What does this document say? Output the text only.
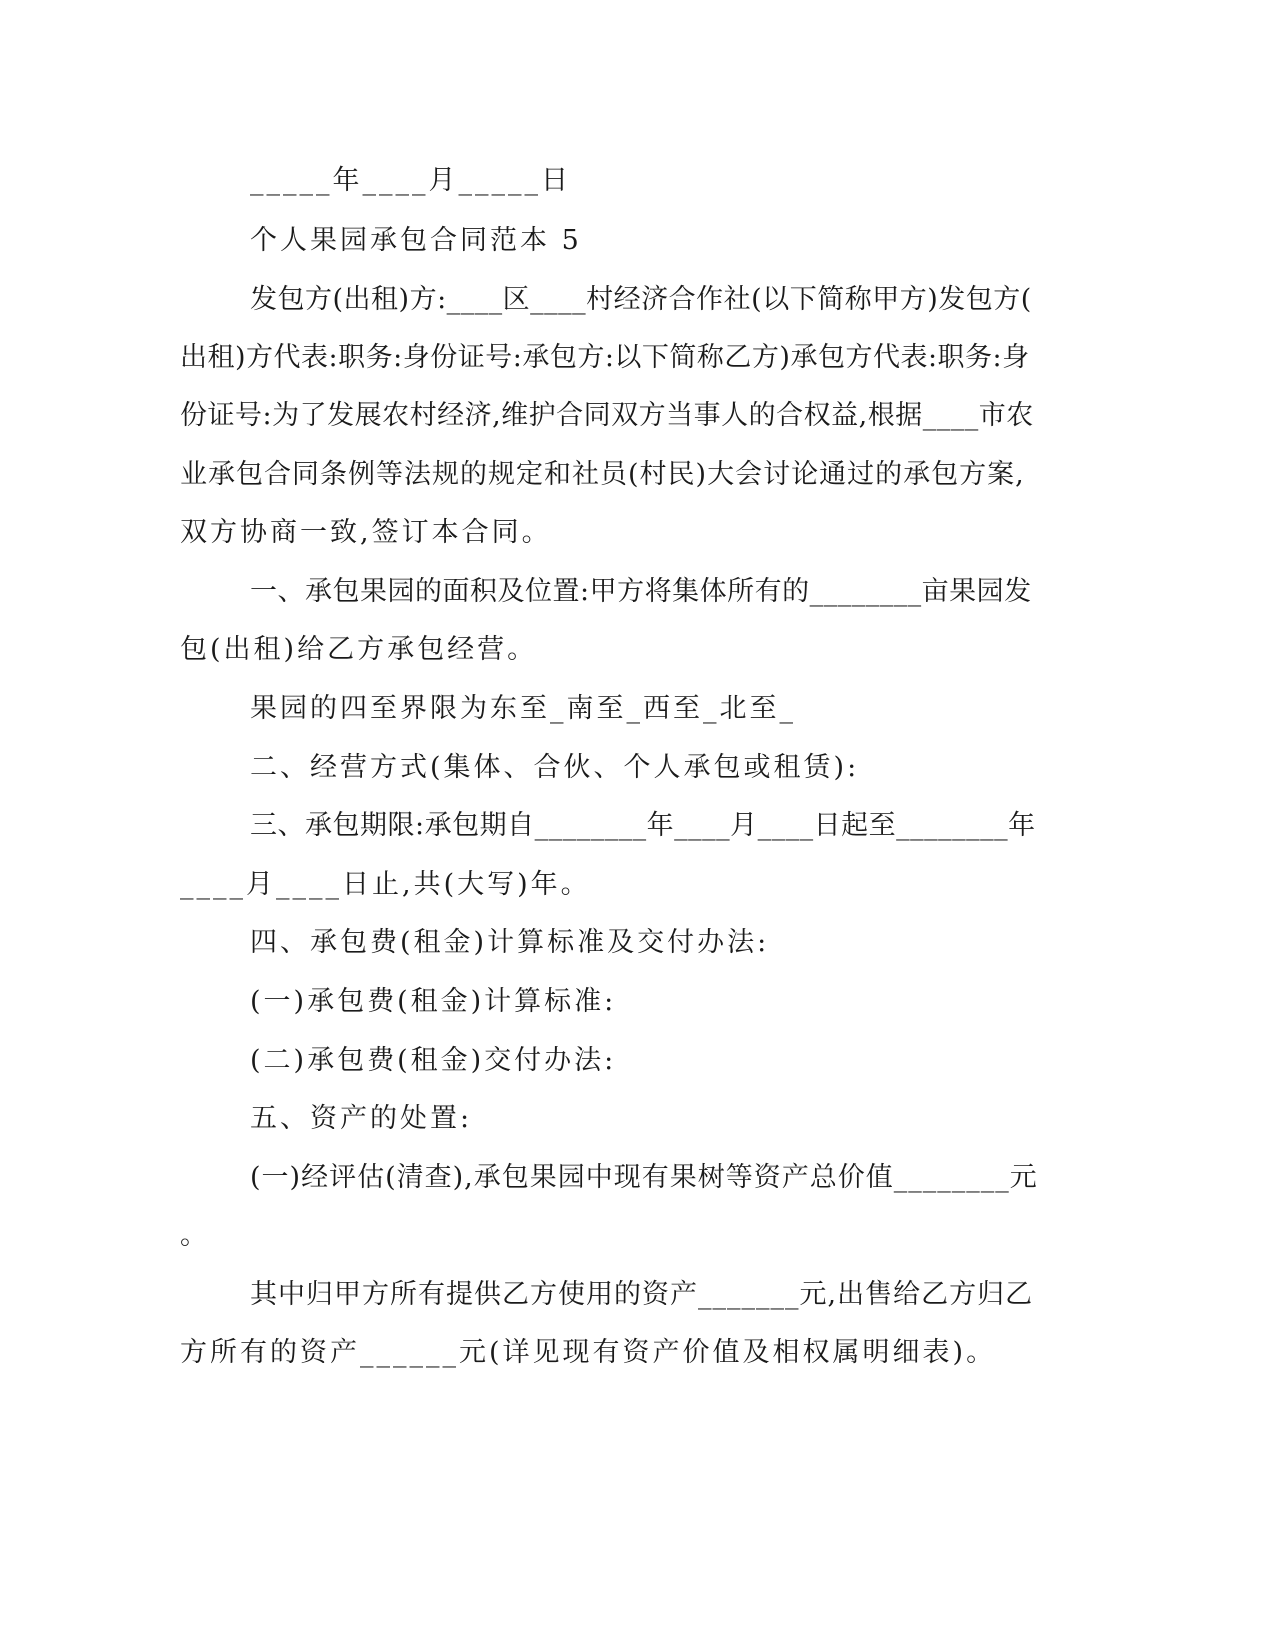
_____年____月_____日
个人果园承包合同范本 5
发包方(出租)方:____区____村经济合作社(以下简称甲方)发包方(
出租)方代表:职务:身份证号:承包方:以下简称乙方)承包方代表:职务:身
份证号:为了发展农村经济,维护合同双方当事人的合权益,根据____市农
业承包合同条例等法规的规定和社员(村民)大会讨论通过的承包方案,
双方协商一致,签订本合同。
一、承包果园的面积及位置:甲方将集体所有的________亩果园发
包(出租)给乙方承包经营。
果园的四至界限为东至_南至_西至_北至_
二、经营方式(集体、合伙、个人承包或租赁):
三、承包期限:承包期自________年____月____日起至________年
____月____日止,共(大写)年。
四、承包费(租金)计算标准及交付办法:
(一)承包费(租金)计算标准:
(二)承包费(租金)交付办法:
五、资产的处置:
(一)经评估(清查),承包果园中现有果树等资产总价值________元
。
其中归甲方所有提供乙方使用的资产_______元,出售给乙方归乙
方所有的资产______元(详见现有资产价值及相权属明细表)。
